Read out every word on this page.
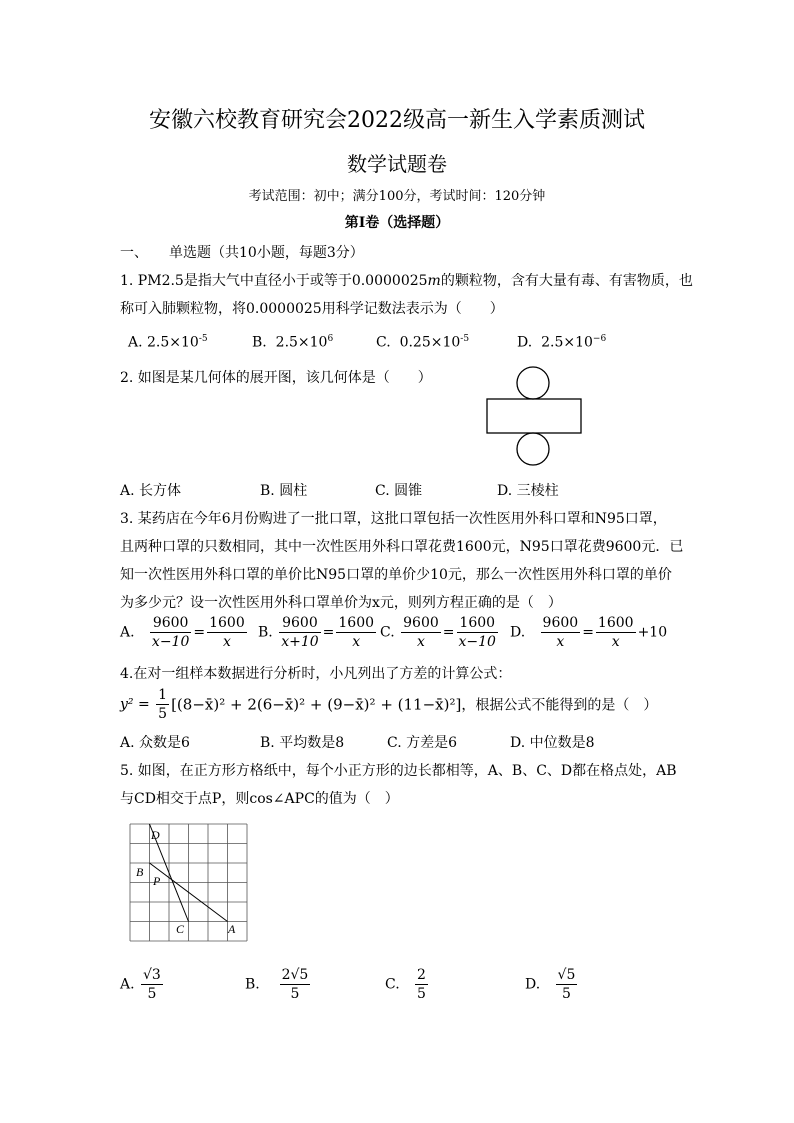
安徽六校教育研究会2022级高一新生入学素质测试
数学试题卷
考试范围：初中；满分100分，考试时间：120分钟
第Ⅰ卷（选择题）
一、　　单选题（共10小题，每题3分）
1. PM2.5是指大气中直径小于或等于0.0000025m的颗粒物，含有大量有毒、有害物质，也
称可入肺颗粒物，将0.0000025用科学记数法表示为（　　）
A. $2.5\times 10^{-5}$	B. $2.5\times 10^6$	C. $0.25\times 10^{-5}$	D. $2.5\times 10^{-6}$
2. 如图是某几何体的展开图，该几何体是（　　）
A. 长方体	B. 圆柱	C. 圆锥	D. 三棱柱
3. 某药店在今年6月份购进了一批口罩，这批口罩包括一次性医用外科口罩和N95口罩，
且两种口罩的只数相同，其中一次性医用外科口罩花费1600元，N95口罩花费9600元．已
知一次性医用外科口罩的单价比N95口罩的单价少10元，那么一次性医用外科口罩的单价
为多少元？设一次性医用外科口罩单价为x元，则列方程正确的是（　）
A. $\frac{9600}{x-10} = \frac{1600}{x} B$. $\frac{9600}{x+10} = \frac{1600}{x} C$. $\frac{9600}{x} = \frac{1600}{x-10} D$. $\frac{9600}{x} = \frac{1600}{x} +10$
4.在对一组样本数据进行分析时，小凡列出了方差的计算公式：
$y^2 = \frac{1}{5}$ [(8−x̄)² + 2(6−x̄)² + (9−x̄)² + (11−x̄)²]，根据公式不能得到的是（　）
A. 众数是6	B. 平均数是8	C. 方差是6	D. 中位数是8
5. 如图，在正方形方格纸中，每个小正方形的边长都相等，A、B、C、D都在格点处，AB
与CD相交于点P，则cos∠APC的值为（　）
D
B
P
C	A
A. $\frac{√3}{5}$	B. $\frac{2√5}{5}$	C. $\frac{2}{5}$	D. $\frac{√5}{5}$
